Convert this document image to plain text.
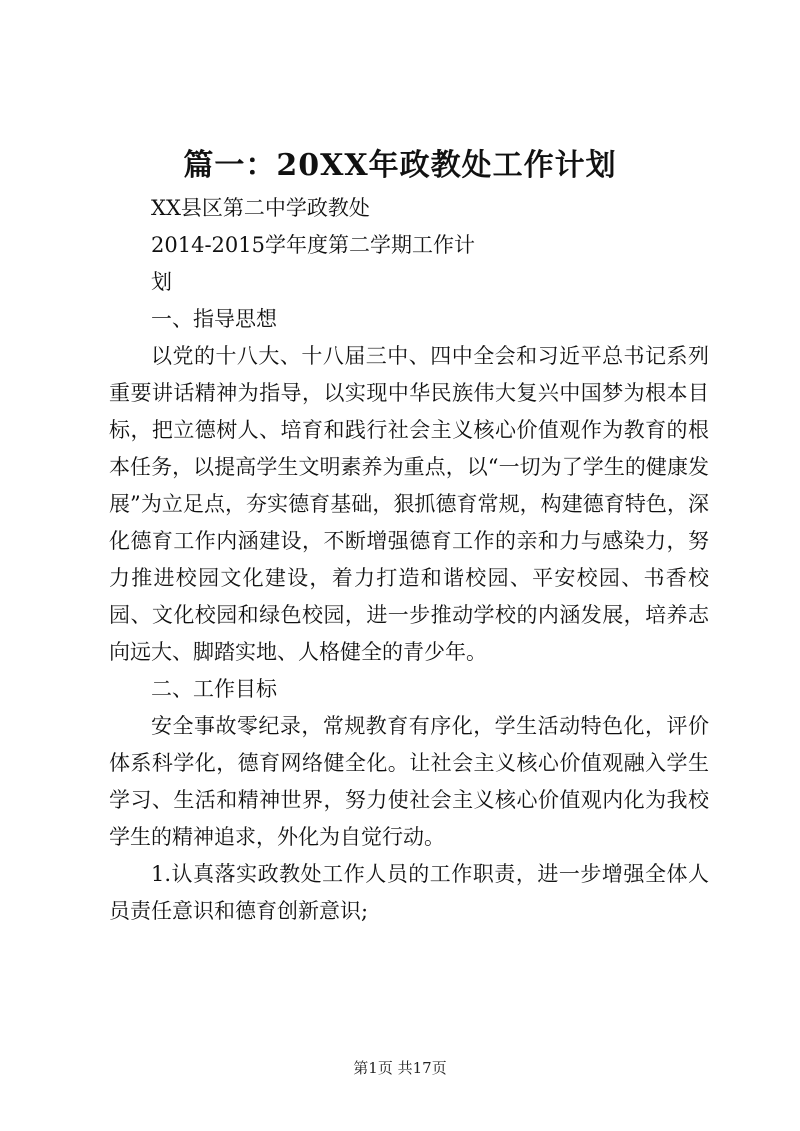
篇一：20XX年政教处工作计划

XX县区第二中学政教处

2014-2015学年度第二学期工作计

划

一、指导思想

以党的十八大、十八届三中、四中全会和习近平总书记系列重要讲话精神为指导，以实现中华民族伟大复兴中国梦为根本目标，把立德树人、培育和践行社会主义核心价值观作为教育的根本任务，以提高学生文明素养为重点，以“一切为了学生的健康发展”为立足点，夯实德育基础，狠抓德育常规，构建德育特色，深化德育工作内涵建设，不断增强德育工作的亲和力与感染力，努力推进校园文化建设，着力打造和谐校园、平安校园、书香校园、文化校园和绿色校园，进一步推动学校的内涵发展，培养志向远大、脚踏实地、人格健全的青少年。

二、工作目标

安全事故零纪录，常规教育有序化，学生活动特色化，评价体系科学化，德育网络健全化。让社会主义核心价值观融入学生学习、生活和精神世界，努力使社会主义核心价值观内化为我校学生的精神追求，外化为自觉行动。

1.认真落实政教处工作人员的工作职责，进一步增强全体人员责任意识和德育创新意识;

第1页 共17页
